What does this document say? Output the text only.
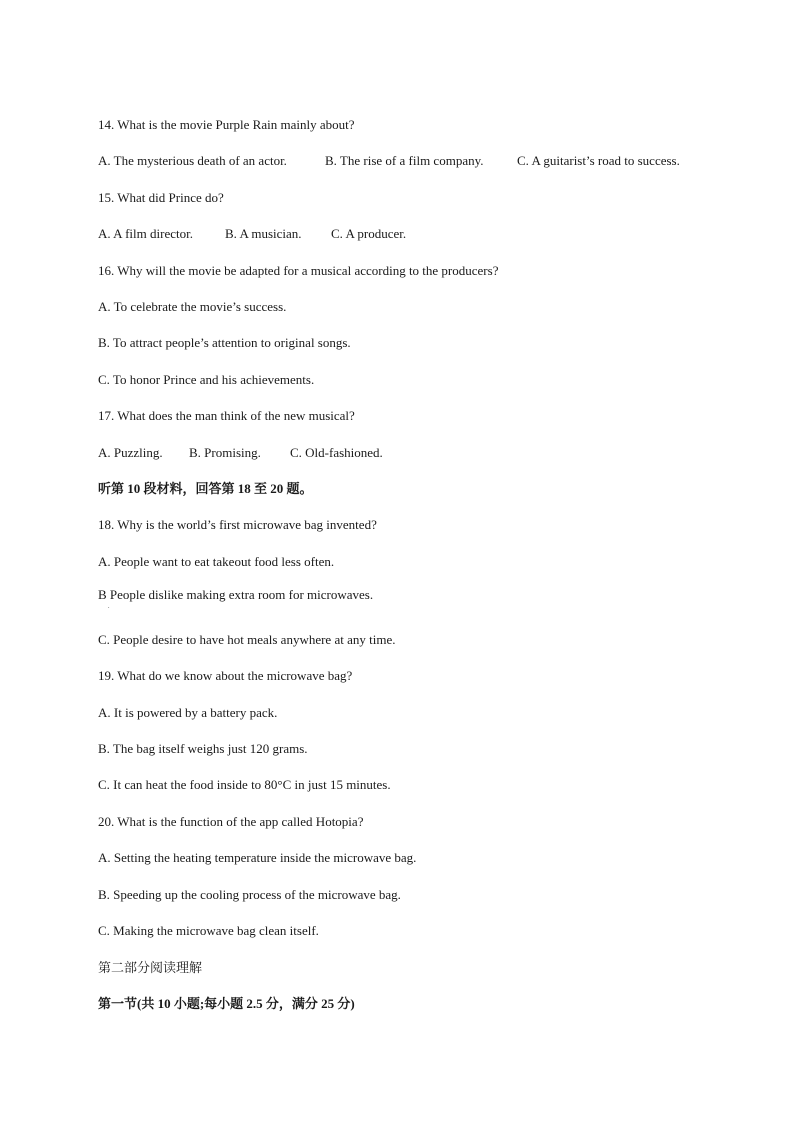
14. What is the movie Purple Rain mainly about?
A. The mysterious death of an actor.	B. The rise of a film company.	C. A guitarist’s road to success.
15. What did Prince do?
A. A film director. B. A musician. C. A producer.
16. Why will the movie be adapted for a musical according to the producers?
A. To celebrate the movie’s success.
B. To attract people’s attention to original songs.
C. To honor Prince and his achievements.
17. What does the man think of the new musical?
A. Puzzling. B. Promising. C. Old-fashioned.
听第 10 段材料，回答第 18 至 20 题。
18. Why is the world’s first microwave bag invented?
A. People want to eat takeout food less often.
B People dislike making extra room for microwaves.
.
C. People desire to have hot meals anywhere at any time.
19. What do we know about the microwave bag?
A. It is powered by a battery pack.
B. The bag itself weighs just 120 grams.
C. It can heat the food inside to 80°C in just 15 minutes.
20. What is the function of the app called Hotopia?
A. Setting the heating temperature inside the microwave bag.
B. Speeding up the cooling process of the microwave bag.
C. Making the microwave bag clean itself.
第二部分阅读理解
第一节(共 10 小题;每小题 2.5 分，满分 25 分)
